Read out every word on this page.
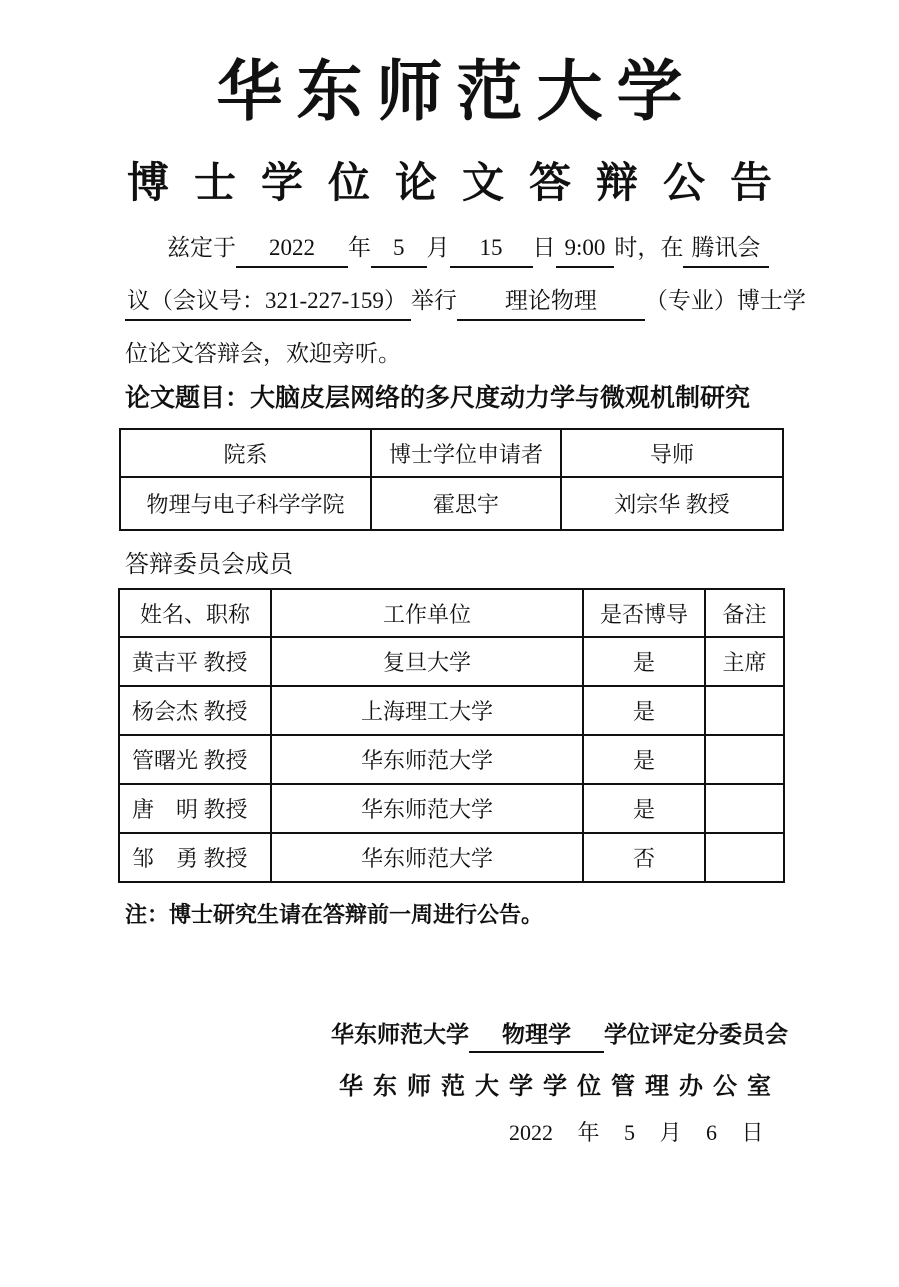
华东师范大学
博士学位论文答辩公告
兹定于 2022 年 5 月 15 日 9:00 时，在 腾讯会
议（会议号：321-227-159） 举行 理论物理 （专业）博士学
位论文答辩会，欢迎旁听。
论文题目：大脑皮层网络的多尺度动力学与微观机制研究
院系	博士学位申请者	导师
物理与电子科学学院	霍思宇	刘宗华 教授
答辩委员会成员
姓名、职称	工作单位	是否博导	备注
黄吉平 教授	复旦大学	是	主席
杨会杰 教授	上海理工大学	是	
管曙光 教授	华东师范大学	是	
唐　明 教授	华东师范大学	是	
邹　勇 教授	华东师范大学	否	
注：博士研究生请在答辩前一周进行公告。
华东师范大学 物理学 学位评定分委员会
华东师范大学学位管理办公室
2022 年 5 月 6 日
